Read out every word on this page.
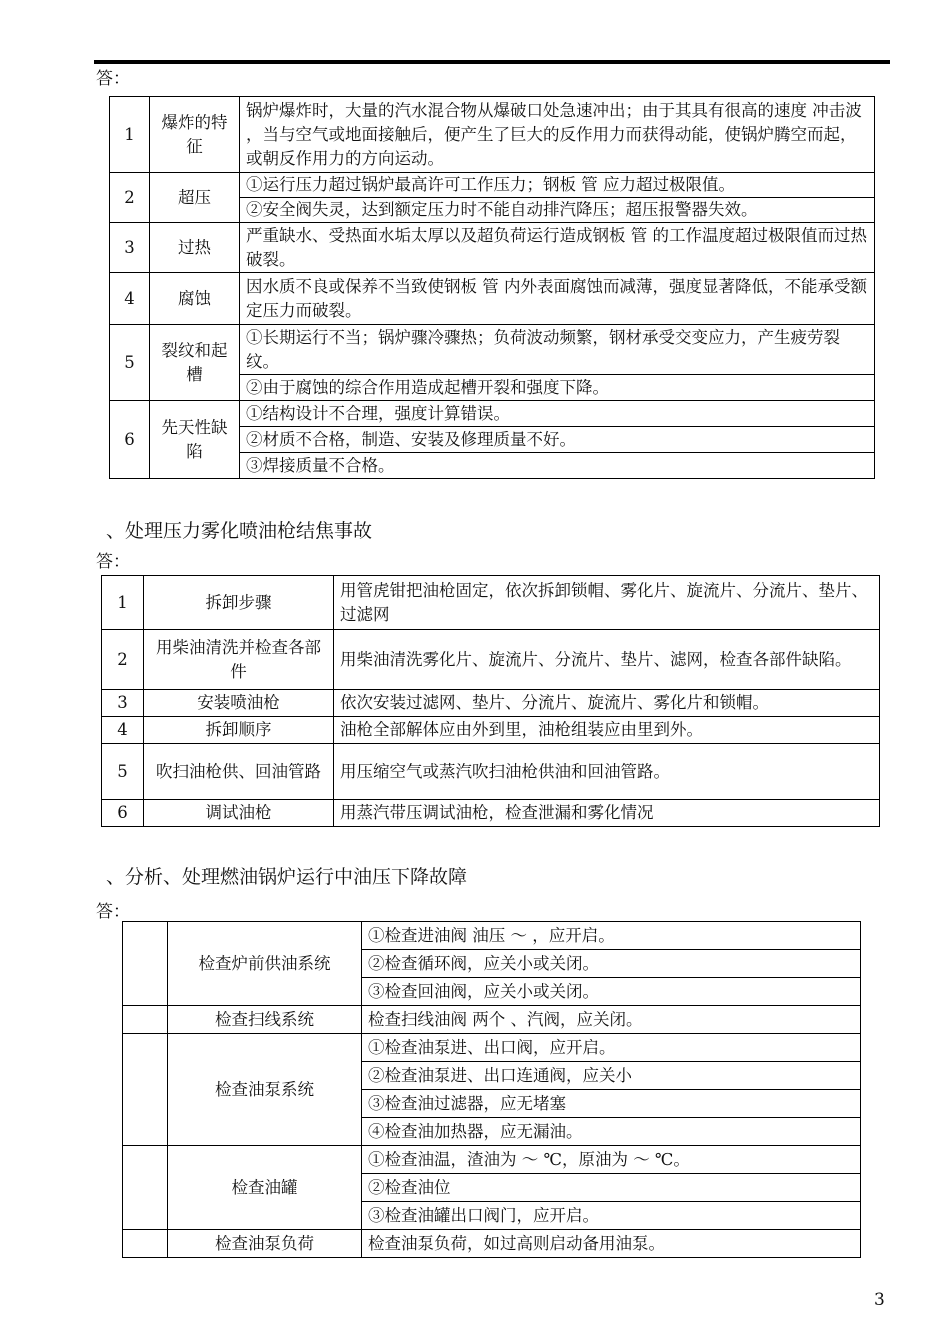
答：
1	爆炸的特征	锅炉爆炸时，大量的汽水混合物从爆破口处急速冲出；由于其具有很高的速度 冲击波 ，当与空气或地面接触后，便产生了巨大的反作用力而获得动能，使锅炉腾空而起，或朝反作用力的方向运动。
2	超压	①运行压力超过锅炉最高许可工作压力；钢板 管 应力超过极限值。
		②安全阀失灵，达到额定压力时不能自动排汽降压；超压报警器失效。
3	过热	严重缺水、受热面水垢太厚以及超负荷运行造成钢板 管 的工作温度超过极限值而过热破裂。
4	腐蚀	因水质不良或保养不当致使钢板 管 内外表面腐蚀而减薄，强度显著降低，不能承受额定压力而破裂。
5	裂纹和起槽	①长期运行不当；锅炉骤冷骤热；负荷波动频繁，钢材承受交变应力，产生疲劳裂纹。
		②由于腐蚀的综合作用造成起槽开裂和强度下降。
6	先天性缺陷	①结构设计不合理，强度计算错误。
		②材质不合格，制造、安装及修理质量不好。
		③焊接质量不合格。
、处理压力雾化喷油枪结焦事故
答：
1	拆卸步骤	用管虎钳把油枪固定，依次拆卸锁帽、雾化片、旋流片、分流片、垫片、过滤网
2	用柴油清洗并检查各部件	用柴油清洗雾化片、旋流片、分流片、垫片、滤网，检查各部件缺陷。
3	安装喷油枪	依次安装过滤网、垫片、分流片、旋流片、雾化片和锁帽。
4	拆卸顺序	油枪全部解体应由外到里，油枪组装应由里到外。
5	吹扫油枪供、回油管路	用压缩空气或蒸汽吹扫油枪供油和回油管路。
6	调试油枪	用蒸汽带压调试油枪，检查泄漏和雾化情况
、分析、处理燃油锅炉运行中油压下降故障
答：
	检查炉前供油系统	①检查进油阀 油压 ～ ，应开启。
		②检查循环阀，应关小或关闭。
		③检查回油阀，应关小或关闭。
	检查扫线系统	检查扫线油阀 两个 、汽阀，应关闭。
	检查油泵系统	①检查油泵进、出口阀，应开启。
		②检查油泵进、出口连通阀，应关小
		③检查油过滤器，应无堵塞
		④检查油加热器，应无漏油。
	检查油罐	①检查油温，渣油为 ～ ℃，原油为 ～ ℃。
		②检查油位
		③检查油罐出口阀门，应开启。
	检查油泵负荷	检查油泵负荷，如过高则启动备用油泵。
3
